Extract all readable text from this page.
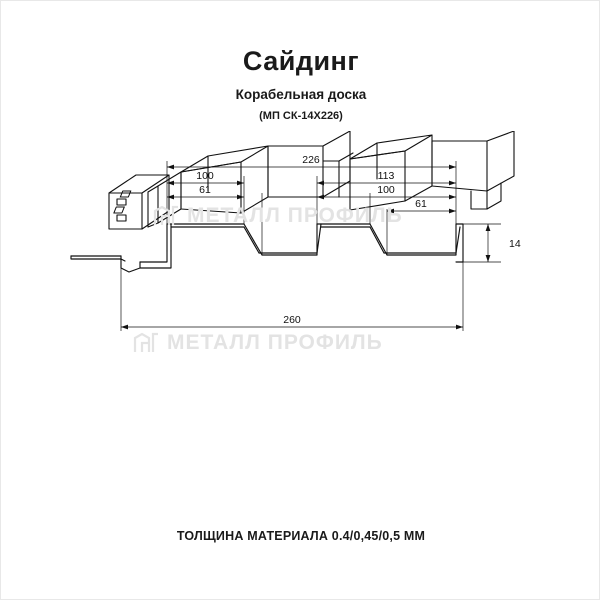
Сайдинг

Корабельная доска

(МП СК-14Х226)

226
100	113
61	100
61
260
14
МЕТАЛЛ ПРОФИЛЬ
МЕТАЛЛ ПРОФИЛЬ
ТОЛЩИНА МАТЕРИАЛА 0.4/0,45/0,5 ММ
